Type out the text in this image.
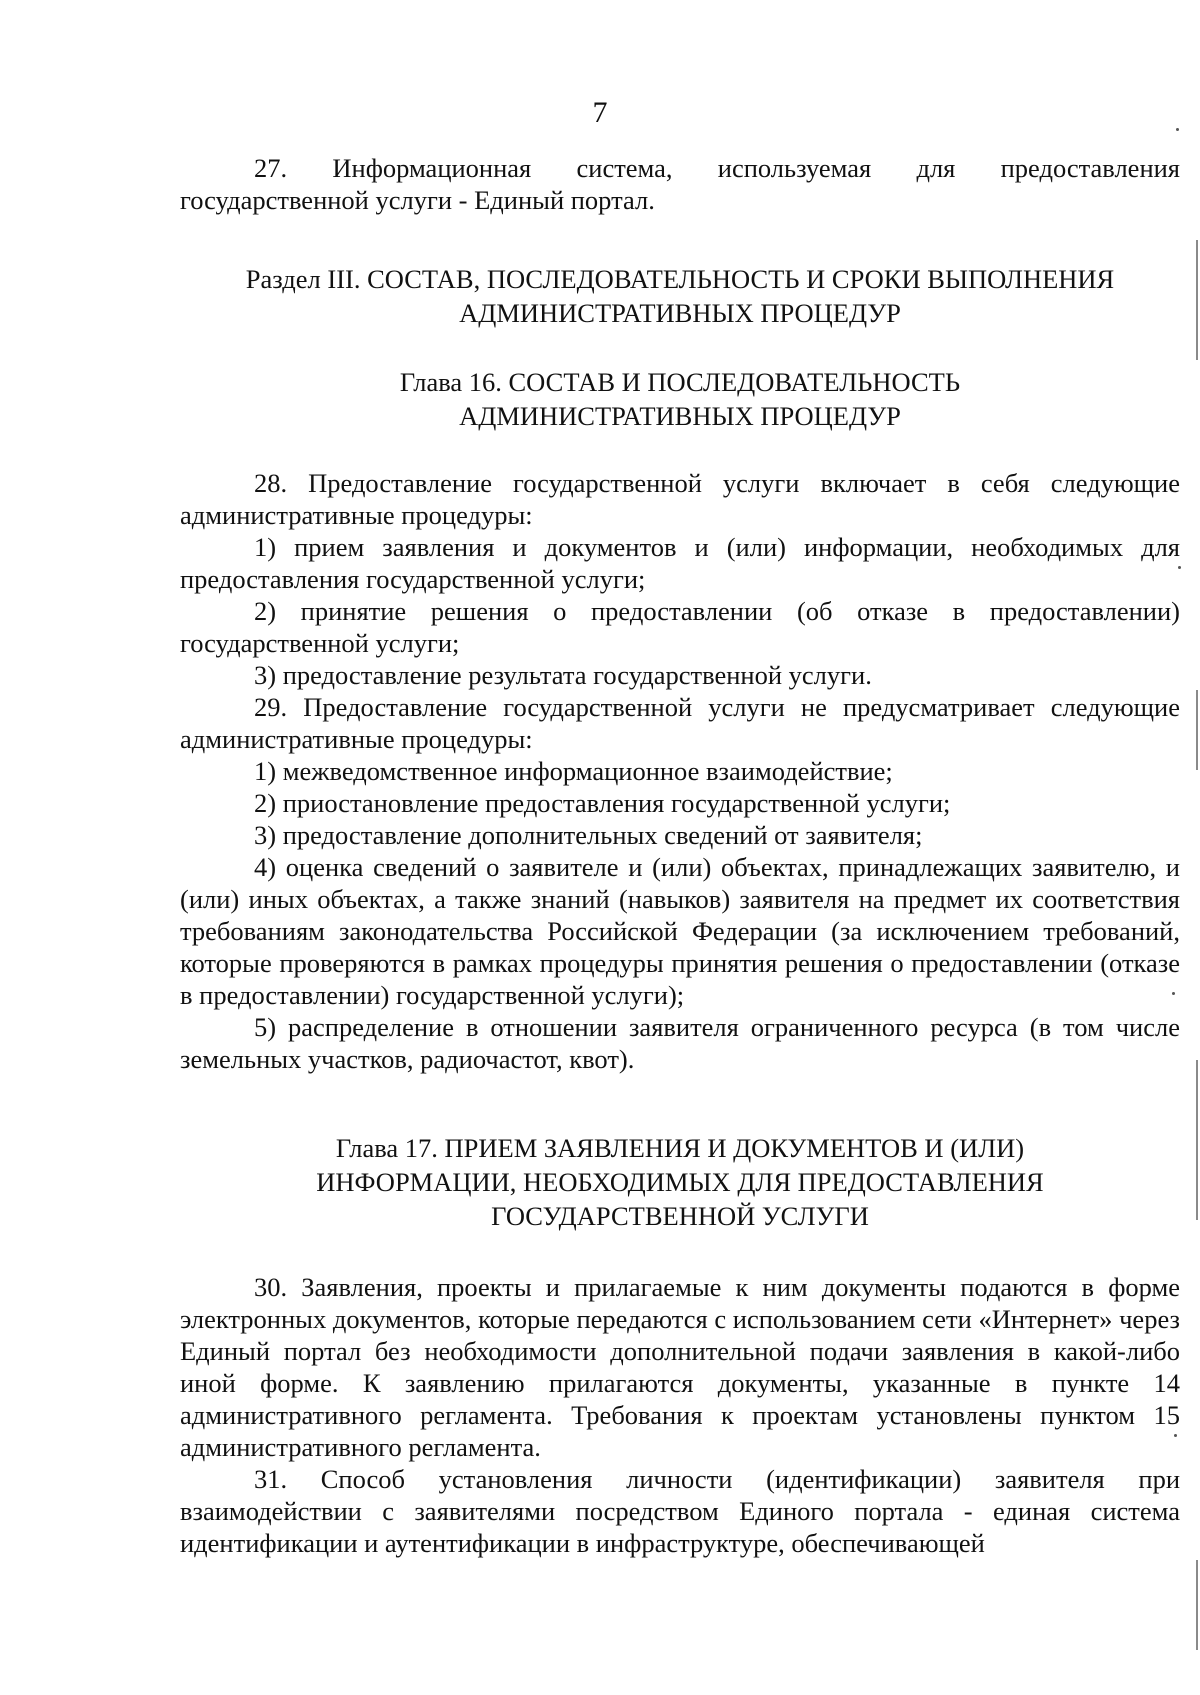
7

27. Информационная система, используемая для предоставления государственной услуги - Единый портал.

Раздел III. СОСТАВ, ПОСЛЕДОВАТЕЛЬНОСТЬ И СРОКИ ВЫПОЛНЕНИЯ
АДМИНИСТРАТИВНЫХ ПРОЦЕДУР
Глава 16. СОСТАВ И ПОСЛЕДОВАТЕЛЬНОСТЬ
АДМИНИСТРАТИВНЫХ ПРОЦЕДУР

28. Предоставление государственной услуги включает в себя следующие административные процедуры:

1) прием заявления и документов и (или) информации, необходимых для предоставления государственной услуги;

2) принятие решения о предоставлении (об отказе в предоставлении) государственной услуги;

3) предоставление результата государственной услуги.

29. Предоставление государственной услуги не предусматривает следующие административные процедуры:

1) межведомственное информационное взаимодействие;

2) приостановление предоставления государственной услуги;

3) предоставление дополнительных сведений от заявителя;

4) оценка сведений о заявителе и (или) объектах, принадлежащих заявителю, и (или) иных объектах, а также знаний (навыков) заявителя на предмет их соответствия требованиям законодательства Российской Федерации (за исключением требований, которые проверяются в рамках процедуры принятия решения о предоставлении (отказе в предоставлении) государственной услуги);

5) распределение в отношении заявителя ограниченного ресурса (в том числе земельных участков, радиочастот, квот).

Глава 17. ПРИЕМ ЗАЯВЛЕНИЯ И ДОКУМЕНТОВ И (ИЛИ)
ИНФОРМАЦИИ, НЕОБХОДИМЫХ ДЛЯ ПРЕДОСТАВЛЕНИЯ
ГОСУДАРСТВЕННОЙ УСЛУГИ

30. Заявления, проекты и прилагаемые к ним документы подаются в форме электронных документов, которые передаются с использованием сети «Интернет» через Единый портал без необходимости дополнительной подачи заявления в какой-либо иной форме. К заявлению прилагаются документы, указанные в пункте 14 административного регламента. Требования к проектам установлены пунктом 15 административного регламента.

31. Способ установления личности (идентификации) заявителя при взаимодействии с заявителями посредством Единого портала - единая система идентификации и аутентификации в инфраструктуре, обеспечивающей
